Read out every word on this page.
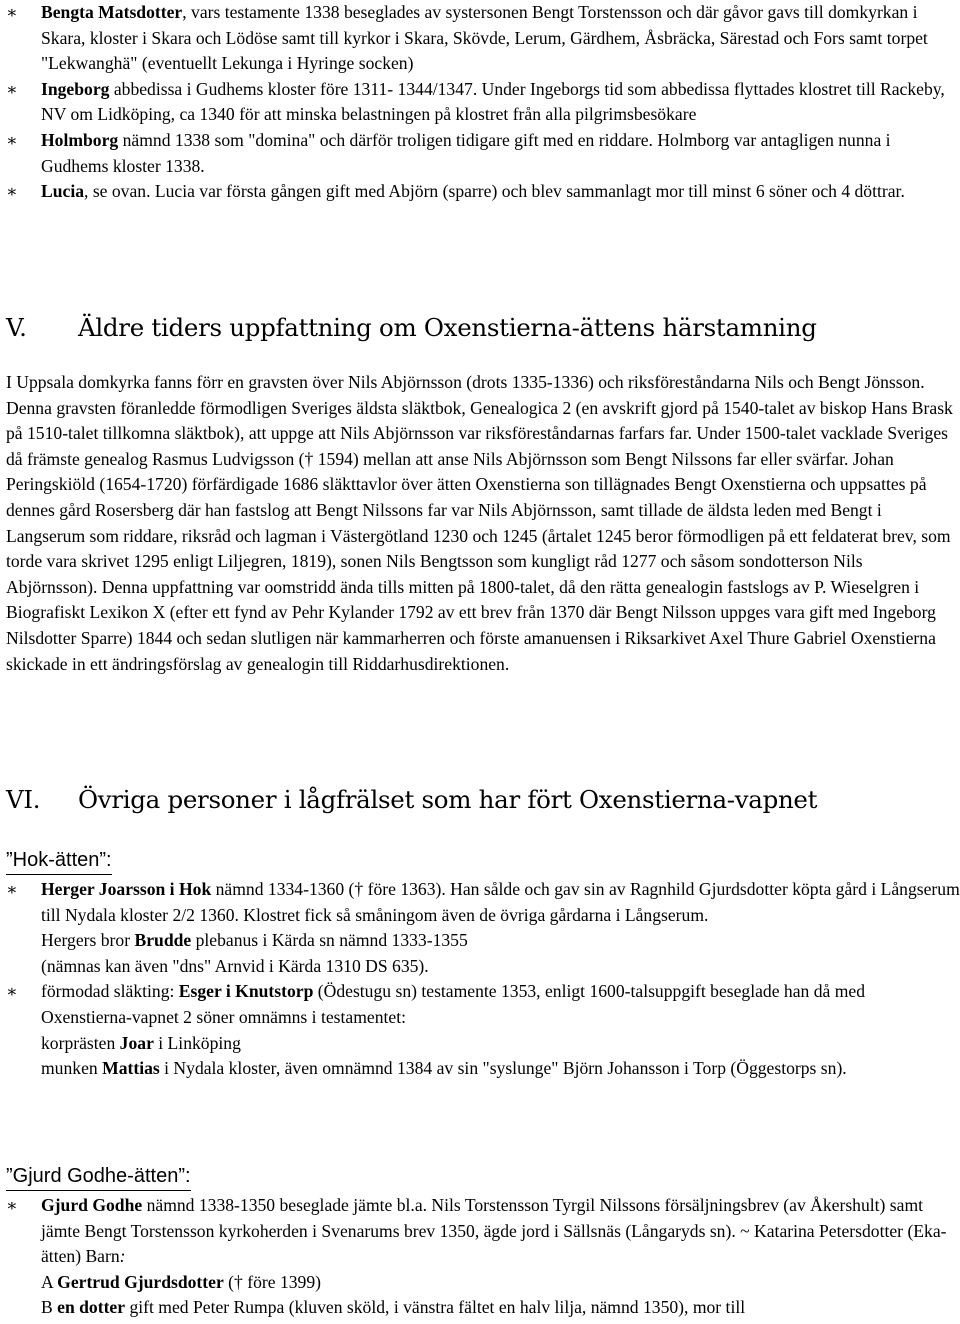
∗ Bengta Matsdotter, vars testamente 1338 beseglades av systersonen Bengt Torstensson och där gåvor gavs till domkyrkan i Skara, kloster i Skara och Lödöse samt till kyrkor i Skara, Skövde, Lerum, Gärdhem, Åsbräcka, Särestad och Fors samt torpet "Lekwanghä" (eventuellt Lekunga i Hyringe socken)

∗ Ingeborg abbedissa i Gudhems kloster före 1311- 1344/1347. Under Ingeborgs tid som abbedissa flyttades klostret till Rackeby, NV om Lidköping, ca 1340 för att minska belastningen på klostret från alla pilgrimsbesökare

∗ Holmborg nämnd 1338 som "domina" och därför troligen tidigare gift med en riddare. Holmborg var antagligen nunna i Gudhems kloster 1338.

∗ Lucia, se ovan. Lucia var första gången gift med Abjörn (sparre) och blev sammanlagt mor till minst 6 söner och 4 döttrar.

V. Äldre tiders uppfattning om Oxenstierna-ättens härstamning

I Uppsala domkyrka fanns förr en gravsten över Nils Abjörnsson (drots 1335-1336) och riksföreståndarna Nils och Bengt Jönsson. Denna gravsten föranledde förmodligen Sveriges äldsta släktbok, Genealogica 2 (en avskrift gjord på 1540-talet av biskop Hans Brask på 1510-talet tillkomna släktbok), att uppge att Nils Abjörnsson var riksföreståndarnas farfars far. Under 1500-talet vacklade Sveriges då främste genealog Rasmus Ludvigsson († 1594) mellan att anse Nils Abjörnsson som Bengt Nilssons far eller svärfar. Johan Peringskiöld (1654-1720) förfärdigade 1686 släkttavlor över ätten Oxenstierna son tillägnades Bengt Oxenstierna och uppsattes på dennes gård Rosersberg där han fastslog att Bengt Nilssons far var Nils Abjörnsson, samt tillade de äldsta leden med Bengt i Langserum som riddare, riksråd och lagman i Västergötland 1230 och 1245 (årtalet 1245 beror förmodligen på ett feldaterat brev, som torde vara skrivet 1295 enligt Liljegren, 1819), sonen Nils Bengtsson som kungligt råd 1277 och såsom sondotterson Nils Abjörnsson). Denna uppfattning var oomstridd ända tills mitten på 1800-talet, då den rätta genealogin fastslogs av P. Wieselgren i Biografiskt Lexikon X (efter ett fynd av Pehr Kylander 1792 av ett brev från 1370 där Bengt Nilsson uppges vara gift med Ingeborg Nilsdotter Sparre) 1844 och sedan slutligen när kammarherren och förste amanuensen i Riksarkivet Axel Thure Gabriel Oxenstierna skickade in ett ändringsförslag av genealogin till Riddarhusdirektionen.

VI. Övriga personer i lågfrälset som har fört Oxenstierna-vapnet
”Hok-ätten”:
∗ Herger Joarsson i Hok nämnd 1334-1360 († före 1363). Han sålde och gav sin av Ragnhild Gjurdsdotter köpta gård i Långserum till Nydala kloster 2/2 1360. Klostret fick så småningom även de övriga gårdarna i Långserum.

Hergers bror Brudde plebanus i Kärda sn nämnd 1333-1355

(nämnas kan även "dns" Arnvid i Kärda 1310 DS 635).

∗ förmodad släkting: Esger i Knutstorp (Ödestugu sn) testamente 1353, enligt 1600-talsuppgift beseglade han då med Oxenstierna-vapnet 2 söner omnämns i testamentet:

korprästen Joar i Linköping

munken Mattias i Nydala kloster, även omnämnd 1384 av sin "syslunge" Björn Johansson i Torp (Öggestorps sn).

”Gjurd Godhe-ätten”:
∗ Gjurd Godhe nämnd 1338-1350 beseglade jämte bl.a. Nils Torstensson Tyrgil Nilssons försäljningsbrev (av Åkershult) samt jämte Bengt Torstensson kyrkoherden i Svenarums brev 1350, ägde jord i Sällsnäs (Långaryds sn). ~ Katarina Petersdotter (Eka-ätten) Barn:

A Gertrud Gjurdsdotter († före 1399)

B en dotter gift med Peter Rumpa (kluven sköld, i vänstra fältet en halv lilja, nämnd 1350), mor till
